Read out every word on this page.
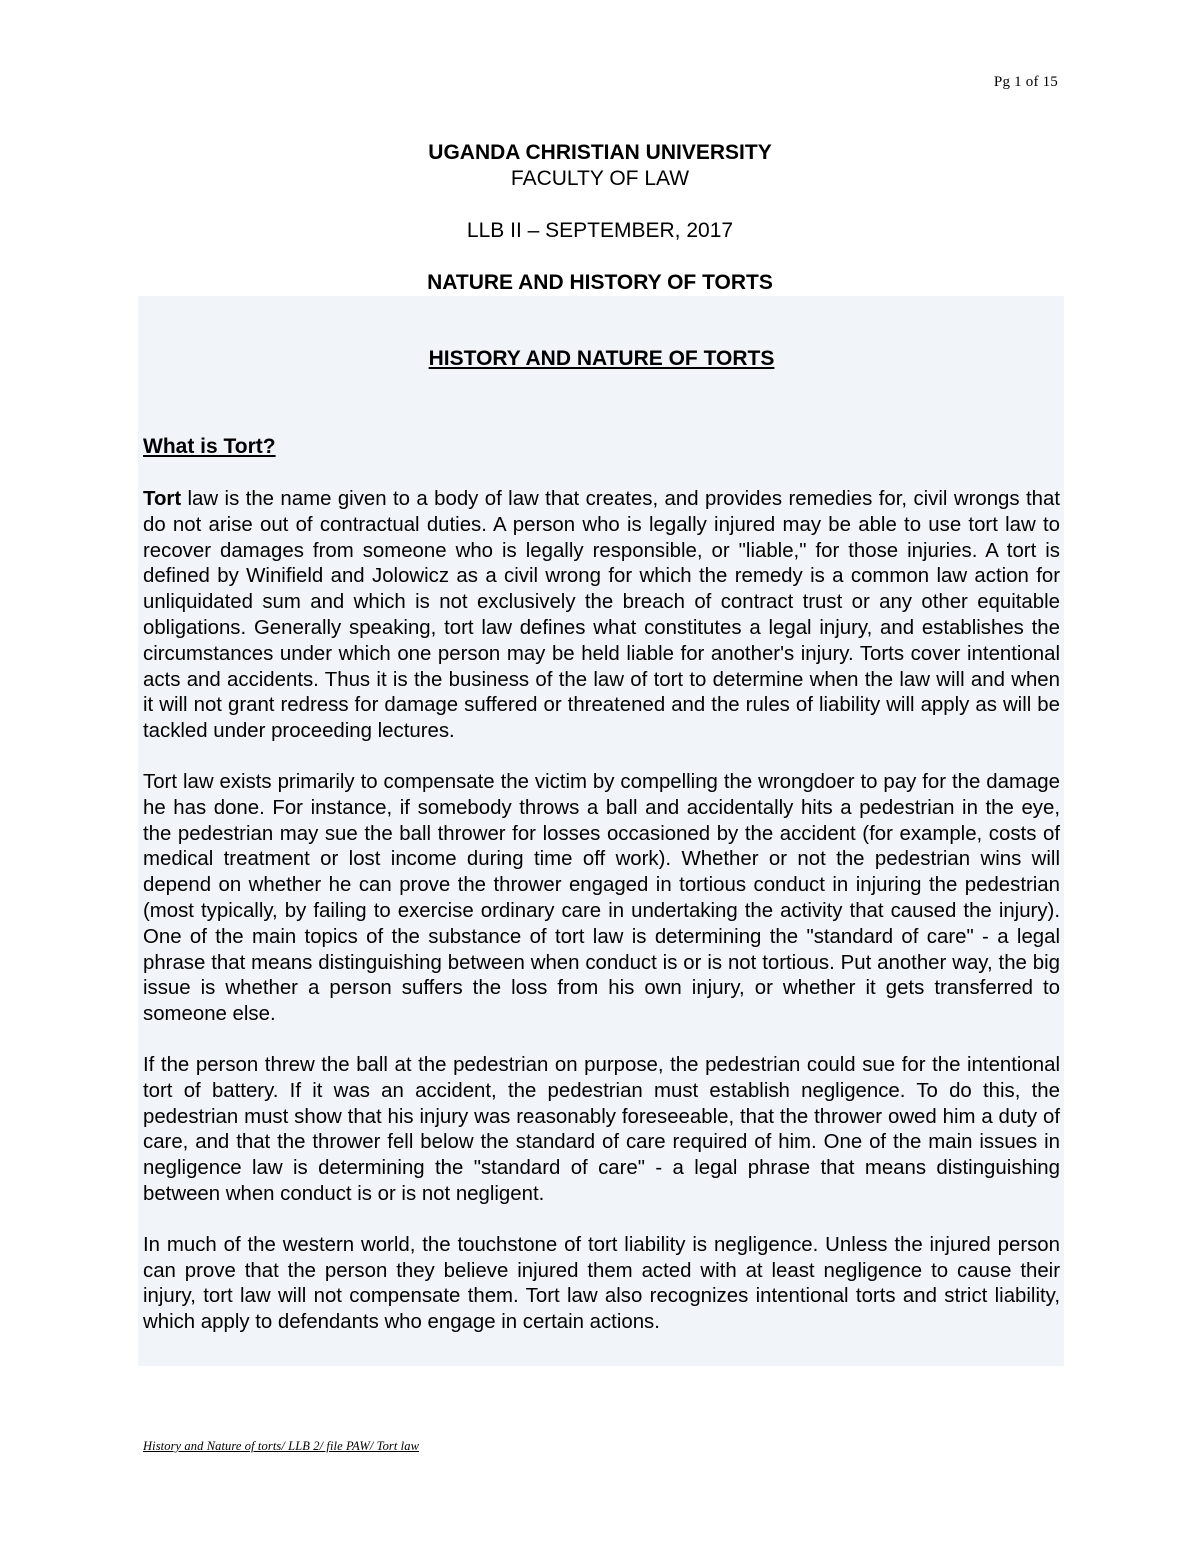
Pg 1 of 15

UGANDA CHRISTIAN UNIVERSITY

FACULTY OF LAW

LLB II – SEPTEMBER, 2017

NATURE AND HISTORY OF TORTS

HISTORY AND NATURE OF TORTS

What is Tort?

Tort law is the name given to a body of law that creates, and provides remedies for, civil wrongs that do not arise out of contractual duties. A person who is legally injured may be able to use tort law to recover damages from someone who is legally responsible, or "liable," for those injuries. A tort is defined by Winifield and Jolowicz as a civil wrong for which the remedy is a common law action for unliquidated sum and which is not exclusively the breach of contract trust or any other equitable obligations. Generally speaking, tort law defines what constitutes a legal injury, and establishes the circumstances under which one person may be held liable for another's injury. Torts cover intentional acts and accidents. Thus it is the business of the law of tort to determine when the law will and when it will not grant redress for damage suffered or threatened and the rules of liability will apply as will be tackled under proceeding lectures.

Tort law exists primarily to compensate the victim by compelling the wrongdoer to pay for the damage he has done. For instance, if somebody throws a ball and accidentally hits a pedestrian in the eye, the pedestrian may sue the ball thrower for losses occasioned by the accident (for example, costs of medical treatment or lost income during time off work). Whether or not the pedestrian wins will depend on whether he can prove the thrower engaged in tortious conduct in injuring the pedestrian (most typically, by failing to exercise ordinary care in undertaking the activity that caused the injury). One of the main topics of the substance of tort law is determining the "standard of care" - a legal phrase that means distinguishing between when conduct is or is not tortious. Put another way, the big issue is whether a person suffers the loss from his own injury, or whether it gets transferred to someone else.

If the person threw the ball at the pedestrian on purpose, the pedestrian could sue for the intentional tort of battery. If it was an accident, the pedestrian must establish negligence. To do this, the pedestrian must show that his injury was reasonably foreseeable, that the thrower owed him a duty of care, and that the thrower fell below the standard of care required of him. One of the main issues in negligence law is determining the "standard of care" - a legal phrase that means distinguishing between when conduct is or is not negligent.

In much of the western world, the touchstone of tort liability is negligence. Unless the injured person can prove that the person they believe injured them acted with at least negligence to cause their injury, tort law will not compensate them. Tort law also recognizes intentional torts and strict liability, which apply to defendants who engage in certain actions.

History and Nature of torts/ LLB 2/ file PAW/ Tort law
